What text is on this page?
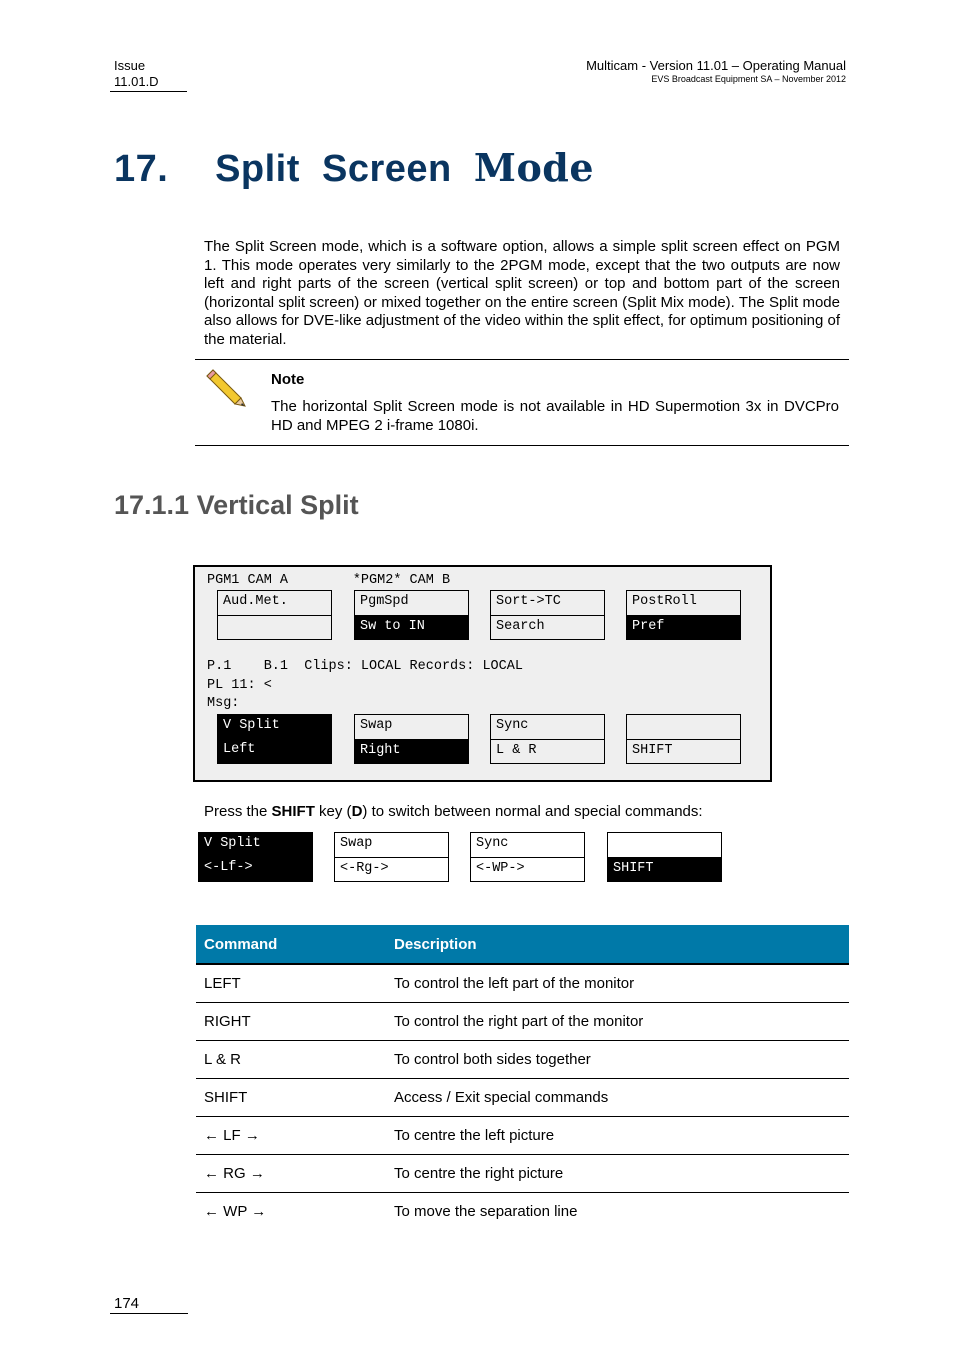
Issue
11.01.D
Multicam - Version 11.01 – Operating Manual
EVS Broadcast Equipment SA – November 2012
17. Split Screen Mode
The Split Screen mode, which is a software option, allows a simple split screen effect on PGM 1. This mode operates very similarly to the 2PGM mode, except that the two outputs are now left and right parts of the screen (vertical split screen) or top and bottom part of the screen (horizontal split screen) or mixed together on the entire screen (Split Mix mode). The Split mode also allows for DVE-like adjustment of the video within the split effect, for optimum positioning of the material.
Note
The horizontal Split Screen mode is not available in HD Supermotion 3x in DVCPro HD and MPEG 2 i-frame 1080i.
17.1.1 Vertical Split
PGM1 CAM A        *PGM2* CAM B
Aud.Met.	PgmSpd
Sw to IN
Sort->TC
Search
PostRoll
Pref
P.1    B.1  Clips: LOCAL Records: LOCAL
PL 11: <
Msg:
V Split
Left
Swap
Right
Sync
L & R	SHIFT
Press the SHIFT key (D) to switch between normal and special commands:
V Split
<-Lf->
Swap
<-Rg->
Sync
<-WP->	SHIFT
Command	Description
LEFT	To control the left part of the monitor
RIGHT	To control the right part of the monitor
L & R	To control both sides together
SHIFT	Access / Exit special commands
← LF →	To centre the left picture
← RG →	To centre the right picture
← WP →	To move the separation line
174
